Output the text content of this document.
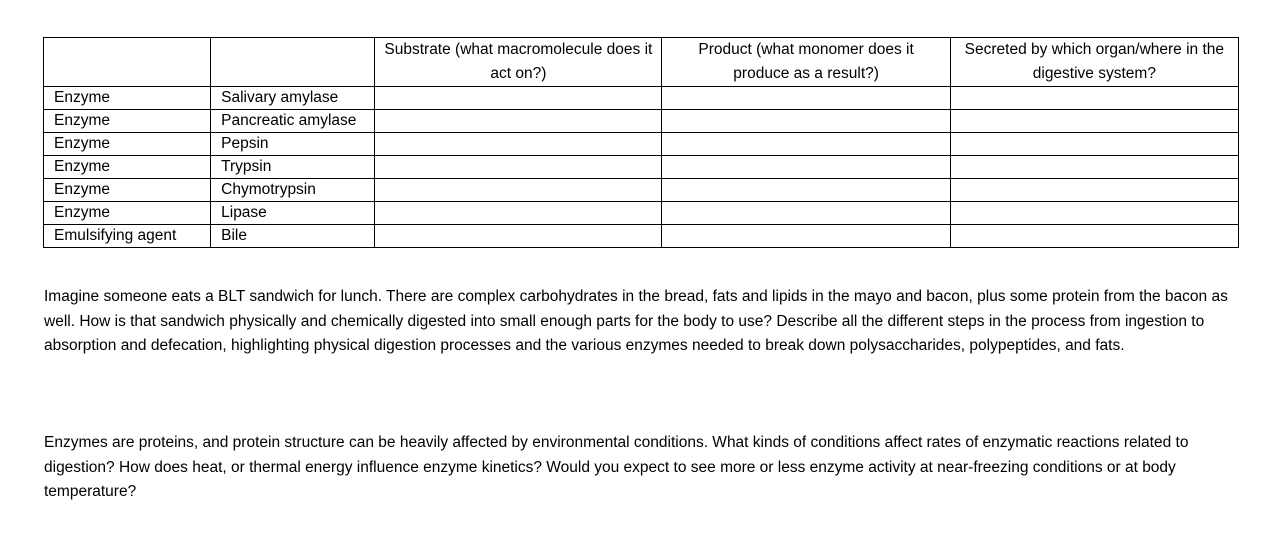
		Substrate (what macromolecule does it act on?)	Product (what monomer does it produce as a result?)	Secreted by which organ/where in the digestive system?
Enzyme	Salivary amylase			
Enzyme	Pancreatic amylase			
Enzyme	Pepsin			
Enzyme	Trypsin			
Enzyme	Chymotrypsin			
Enzyme	Lipase			
Emulsifying agent	Bile			

Imagine someone eats a BLT sandwich for lunch. There are complex carbohydrates in the bread, fats and lipids in the mayo and bacon, plus some protein from the bacon as well. How is that sandwich physically and chemically digested into small enough parts for the body to use? Describe all the different steps in the process from ingestion to absorption and defecation, highlighting physical digestion processes and the various enzymes needed to break down polysaccharides, polypeptides, and fats.

Enzymes are proteins, and protein structure can be heavily affected by environmental conditions. What kinds of conditions affect rates of enzymatic reactions related to digestion? How does heat, or thermal energy influence enzyme kinetics? Would you expect to see more or less enzyme activity at near-freezing conditions or at body temperature?
